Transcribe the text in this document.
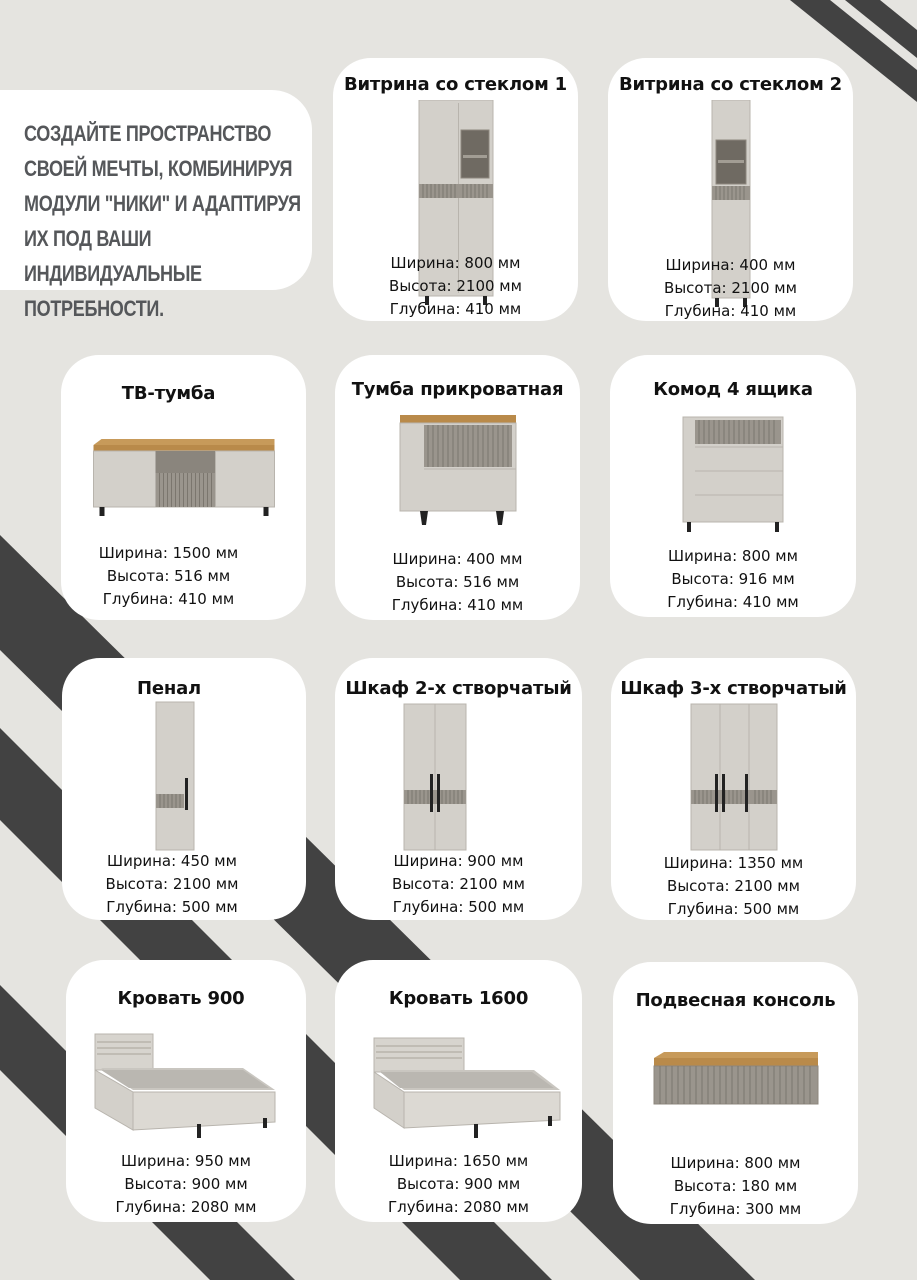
СОЗДАЙТЕ ПРОСТРАНСТВО СВОЕЙ МЕЧТЫ, КОМБИНИРУЯ МОДУЛИ "НИКИ" И АДАПТИРУЯ ИХ ПОД ВАШИ ИНДИВИДУАЛЬНЫЕ ПОТРЕБНОСТИ.

Витрина со стеклом 1
Ширина: 800 мм
Высота: 2100 мм
Глубина: 410 мм
Витрина со стеклом 2
Ширина: 400 мм
Высота: 2100 мм
Глубина: 410 мм
ТВ-тумба
Ширина: 1500 мм
Высота: 516 мм
Глубина: 410 мм
Тумба прикроватная
Ширина: 400 мм
Высота: 516 мм
Глубина: 410 мм
Комод 4 ящика
Ширина: 800 мм
Высота: 916 мм
Глубина: 410 мм
Пенал
Ширина: 450 мм
Высота: 2100 мм
Глубина: 500 мм
Шкаф 2-х створчатый
Ширина: 900 мм
Высота: 2100 мм
Глубина: 500 мм
Шкаф 3-х створчатый
Ширина: 1350 мм
Высота: 2100 мм
Глубина: 500 мм
Кровать 900
Ширина: 950 мм
Высота: 900 мм
Глубина: 2080 мм
Кровать 1600
Ширина: 1650 мм
Высота: 900 мм
Глубина: 2080 мм
Подвесная консоль
Ширина: 800 мм
Высота: 180 мм
Глубина: 300 мм
